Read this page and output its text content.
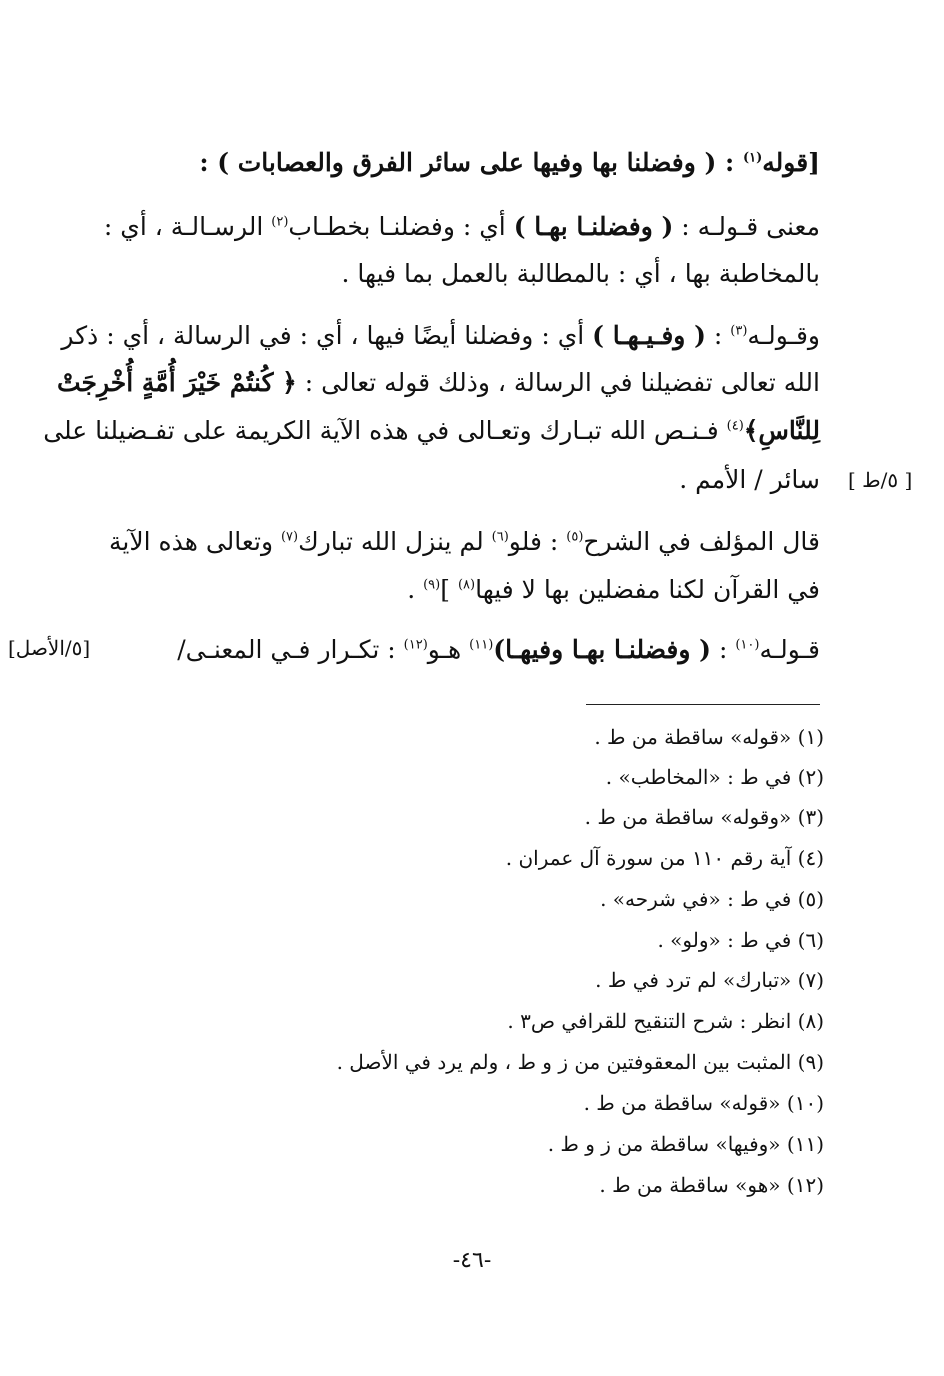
[قوله$^{(١)}$ : ( وفضلنا بها وفيها على سائر الفرق والعصابات ) :
معنى قـولـه : ( وفضلنـا بهـا ) أي : وفضلنـا بخطـاب$^{(٢)}$ الرسـالـة ، أي :
بالمخاطبة بها ، أي : بالمطالبة بالعمل بما فيها .
وقـولـه$^{(٣)}$ : ( وفـيـهـا ) أي : وفضلنا أيضًا فيها ، أي : في الرسالة ، أي : ذكر
الله تعالى تفضيلنا في الرسالة ، وذلك قوله تعالى : ﴿ كُنتُمْ خَيْرَ أُمَّةٍ أُخْرِجَتْ
لِلنَّاسِ﴾$^{(٤)}$ فـنـص الله تبـارك وتعـالى في هذه الآية الكريمة على تفـضيلنا على
سائر / الأمم . [ ٥/ط ]
قال المؤلف في الشرح$^{(٥)}$ : فلو$^{(٦)}$ لم ينزل الله تبارك$^{(٧)}$ وتعالى هذه الآية
في القرآن لكنا مفضلين بها لا فيها$^{(٨)}$ ]$^{(٩)}$ .
قـولـه$^{(١٠)}$ : ( وفضلنـا بهـا وفيهـا)$^{(١١)}$ هـو$^{(١٢)}$ : تكـرار فـي المعنـى/
[٥/الأصل]
(١) «قوله» ساقطة من ط .
(٢) في ط : «المخاطب» .
(٣) «وقوله» ساقطة من ط .
(٤) آية رقم ١١٠ من سورة آل عمران .
(٥) في ط : «في شرحه» .
(٦) في ط : «ولو» .
(٧) «تبارك» لم ترد في ط .
(٨) انظر : شرح التنقيح للقرافي ص٣ .
(٩) المثبت بين المعقوفتين من ز و ط ، ولم يرد في الأصل .
(١٠) «قوله» ساقطة من ط .
(١١) «وفيها» ساقطة من ز و ط .
(١٢) «هو» ساقطة من ط .
-٤٦-
